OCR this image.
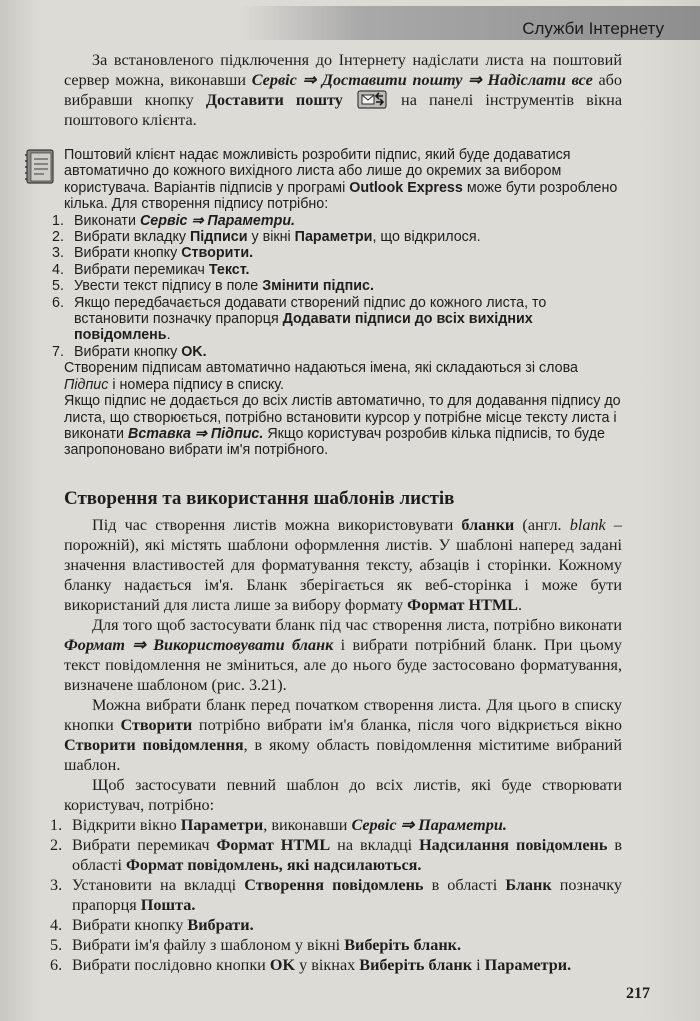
Служби Інтернету

За встановленого підключення до Інтернету надіслати листа на поштовий сервер можна, виконавши Сервіс ⇒ Доставити пошту ⇒ Надіслати все або вибравши кнопку Доставити пошту	на панелі інструментів вікна поштового клієнта.

Поштовий клієнт надає можливість розробити підпис, який буде додаватися автоматично до кожного вихідного листа або лише до окремих за вибором користувача. Варіантів підписів у програмі Outlook Express може бути розроблено кілька. Для створення підпису потрібно:

1. Виконати Сервіс ⇒ Параметри.
2. Вибрати вкладку Підписи у вікні Параметри, що відкрилося.
3. Вибрати кнопку Створити.
4. Вибрати перемикач Текст.
5. Увести текст підпису в поле Змінити підпис.
6. Якщо передбачається додавати створений підпис до кожного листа, то встановити позначку прапорця Додавати підписи до всіх вихідних повідомлень.
7. Вибрати кнопку OK.

Створеним підписам автоматично надаються імена, які складаються зі слова Підпис і номера підпису в списку.

Якщо підпис не додається до всіх листів автоматично, то для додавання підпису до листа, що створюється, потрібно встановити курсор у потрібне місце тексту листа і виконати Вставка ⇒ Підпис. Якщо користувач розробив кілька підписів, то буде запропоновано вибрати ім'я потрібного.

Створення та використання шаблонів листів

Під час створення листів можна використовувати бланки (англ. blank – порожній), які містять шаблони оформлення листів. У шаблоні наперед задані значення властивостей для форматування тексту, абзаців і сторінки. Кожному бланку надається ім'я. Бланк зберігається як веб-сторінка і може бути використаний для листа лише за вибору формату Формат HTML.

Для того щоб застосувати бланк під час створення листа, потрібно виконати Формат ⇒ Використовувати бланк і вибрати потрібний бланк. При цьому текст повідомлення не зміниться, але до нього буде застосовано форматування, визначене шаблоном (рис. 3.21).

Можна вибрати бланк перед початком створення листа. Для цього в списку кнопки Створити потрібно вибрати ім'я бланка, після чого відкриється вікно Створити повідомлення, в якому область повідомлення міститиме вибраний шаблон.

Щоб застосувати певний шаблон до всіх листів, які буде створювати користувач, потрібно:

1. Відкрити вікно Параметри, виконавши Сервіс ⇒ Параметри.
2. Вибрати перемикач Формат HTML на вкладці Надсилання повідомлень в області Формат повідомлень, які надсилаються.
3. Установити на вкладці Створення повідомлень в області Бланк позначку прапорця Пошта.
4. Вибрати кнопку Вибрати.
5. Вибрати ім'я файлу з шаблоном у вікні Виберіть бланк.
6. Вибрати послідовно кнопки OK у вікнах Виберіть бланк і Параметри.
217
